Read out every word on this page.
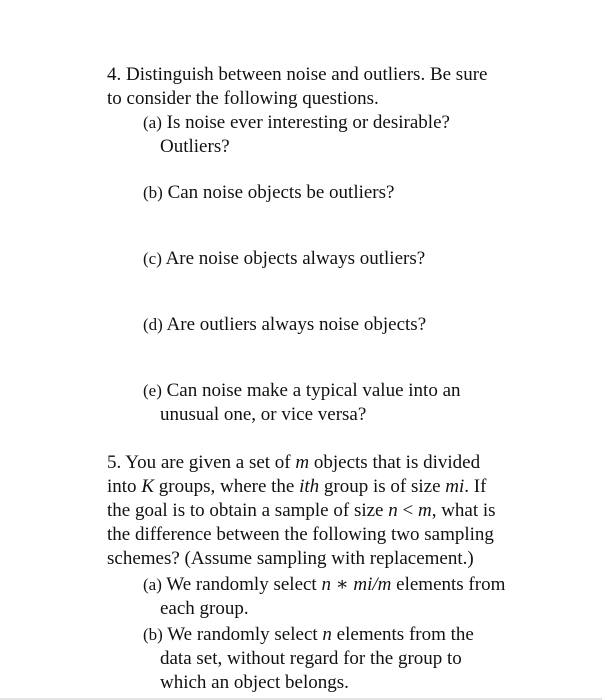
4. Distinguish between noise and outliers. Be sure
to consider the following questions.

(a) Is noise ever interesting or desirable?
Outliers?

(b) Can noise objects be outliers?

(c) Are noise objects always outliers?

(d) Are outliers always noise objects?

(e) Can noise make a typical value into an
unusual one, or vice versa?

5. You are given a set of m objects that is divided
into K groups, where the ith group is of size mi. If
the goal is to obtain a sample of size n < m, what is
the difference between the following two sampling
schemes? (Assume sampling with replacement.)

(a) We randomly select n ∗ mi/m elements from
each group.

(b) We randomly select n elements from the
data set, without regard for the group to
which an object belongs.
